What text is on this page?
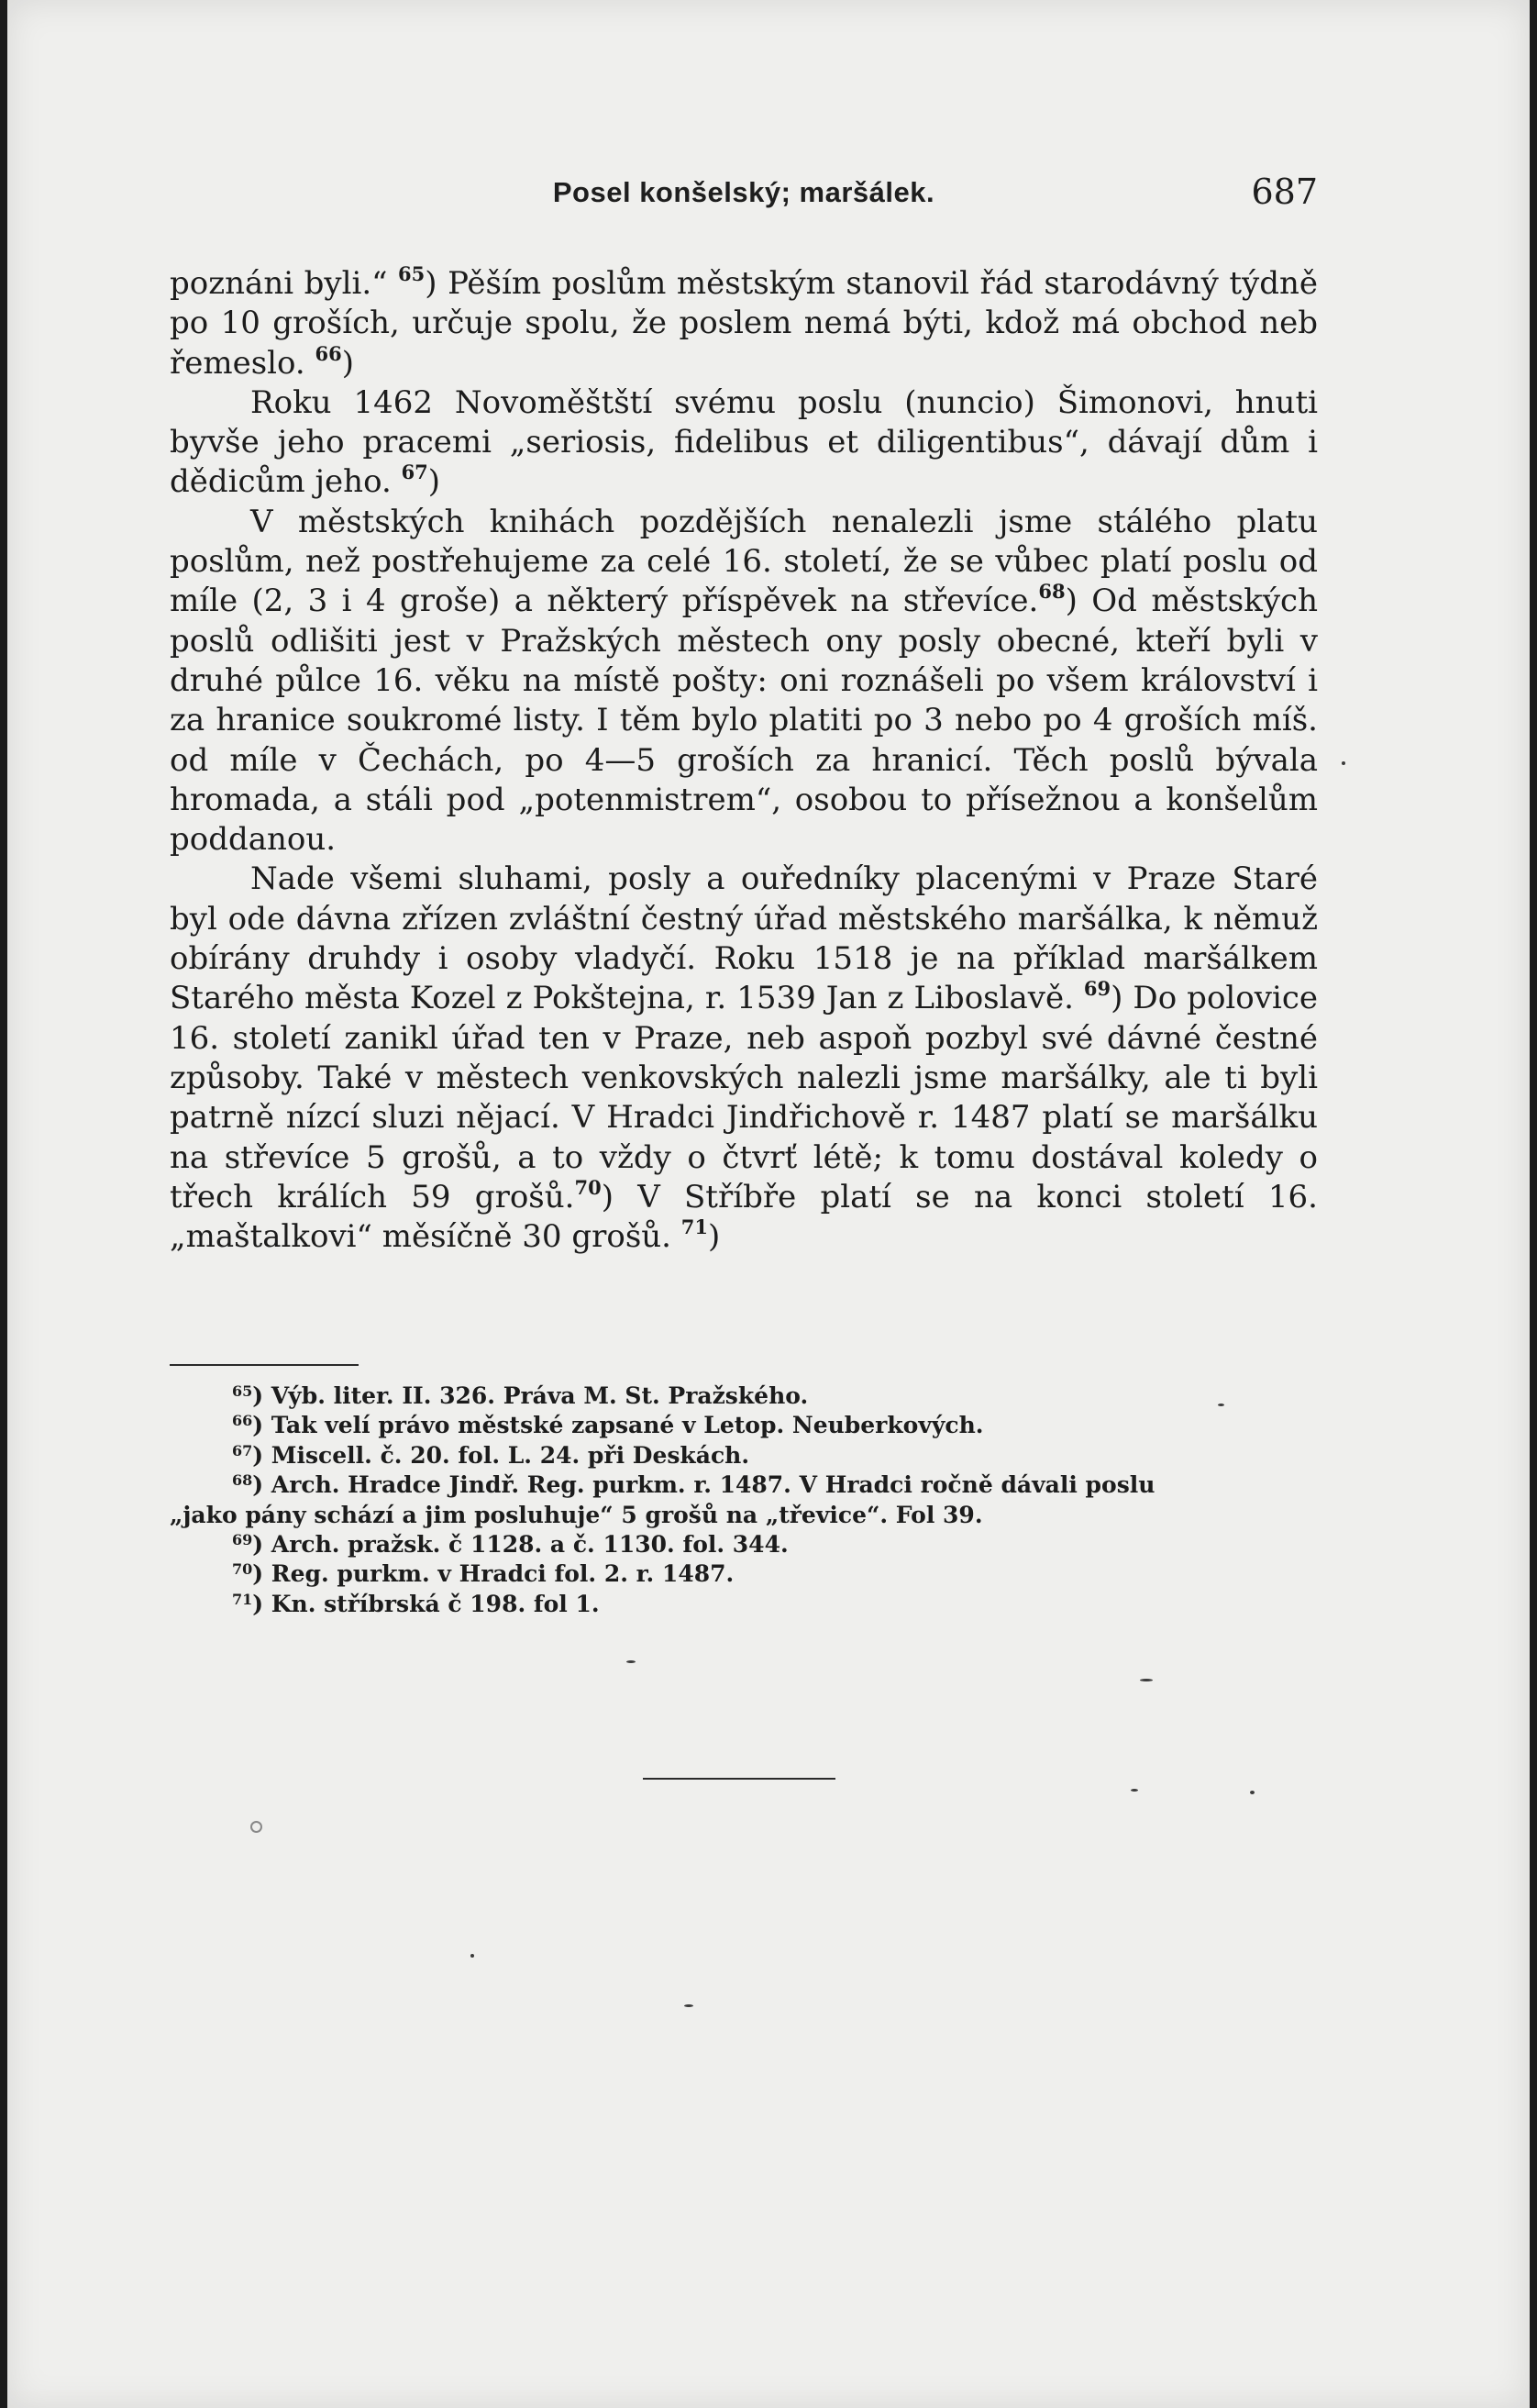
Posel konšelský; maršálek.	687

poznáni byli.“ $^{65}$) Pěším poslům městským stanovil řád starodávný týdně po 10 groších, určuje spolu, že poslem nemá býti, kdož má obchod neb řemeslo. $^{66}$)

Roku 1462 Novoměštští svému poslu (nuncio) Šimonovi, hnuti byvše jeho pracemi „seriosis, fidelibus et diligentibus“, dávají dům i dědicům jeho. $^{67}$)

V městských knihách pozdějších nenalezli jsme stálého platu poslům, než postřehujeme za celé 16. století, že se vůbec platí poslu od míle (2, 3 i 4 groše) a některý příspěvek na střevíce.$^{68}$) Od městských poslů odlišiti jest v Pražských městech ony posly obecné, kteří byli v druhé půlce 16. věku na místě pošty: oni roznášeli po všem království i za hranice soukromé listy. I těm bylo platiti po 3 nebo po 4 groších míš. od míle v Čechách, po 4—5 groších za hranicí. Těch poslů bývala hromada, a stáli pod „potenmistrem“, osobou to přísežnou a konšelům poddanou.

Nade všemi sluhami, posly a ouředníky placenými v Praze Staré byl ode dávna zřízen zvláštní čestný úřad městského maršálka, k němuž obírány druhdy i osoby vladyčí. Roku 1518 je na příklad maršálkem Starého města Kozel z Pokštejna, r. 1539 Jan z Liboslavě. $^{69}$) Do polovice 16. století zanikl úřad ten v Praze, neb aspoň pozbyl své dávné čestné způsoby. Také v městech venkovských nalezli jsme maršálky, ale ti byli patrně nízcí sluzi nějací. V Hradci Jindřichově r. 1487 platí se maršálku na střevíce 5 grošů, a to vždy o čtvrť létě; k tomu dostával koledy o třech králích 59 grošů.$^{70}$) V Stříbře platí se na konci století 16. „maštalkovi“ měsíčně 30 grošů. $^{71}$)

$^{65}$) Výb. liter. II. 326. Práva M. St. Pražského.
$^{66}$) Tak velí právo městské zapsané v Letop. Neuberkových.
$^{67}$) Miscell. č. 20. fol. L. 24. při Deskách.
$^{68}$) Arch. Hradce Jindř. Reg. purkm. r. 1487. V Hradci ročně dávali poslu
„jako pány schází a jim posluhuje“ 5 grošů na „třevice“. Fol 39.
$^{69}$) Arch. pražsk. č 1128. a č. 1130. fol. 344.
$^{70}$) Reg. purkm. v Hradci fol. 2. r. 1487.
$^{71}$) Kn. stříbrská č 198. fol 1.
